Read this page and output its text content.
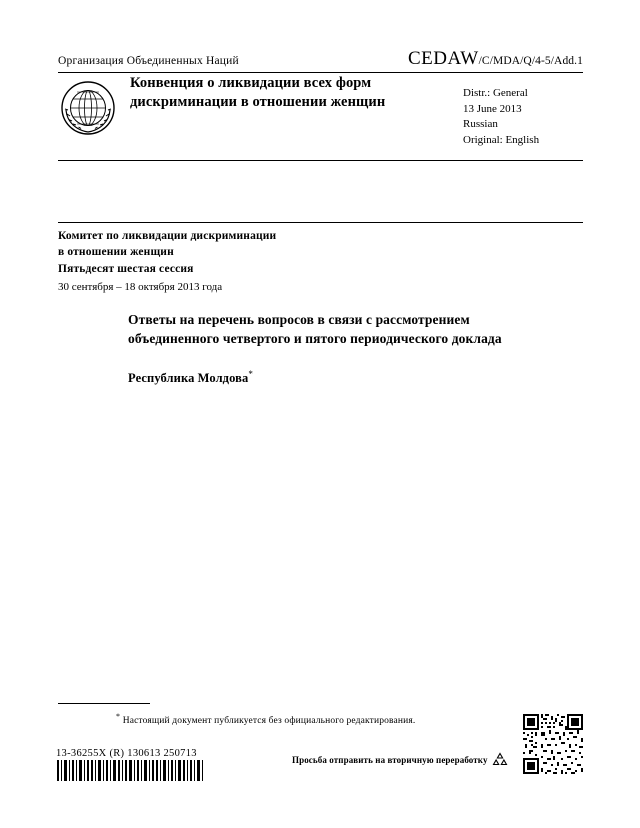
Организация Объединенных Наций	CEDAW/C/MDA/Q/4-5/Add.1
Конвенция о ликвидации всех форм дискриминации в отношении женщин
Distr.: General
13 June 2013
Russian
Original: English
Комитет по ликвидации дискриминации
в отношении женщин
Пятьдесят шестая сессия
30 сентября – 18 октября 2013 года
Ответы на перечень вопросов в связи с рассмотрением объединенного четвертого и пятого периодического доклада
Республика Молдова*
* Настоящий документ публикуется без официального редактирования.
13-36255X (R) 130613 250713
Просьба отправить на вторичную переработку
